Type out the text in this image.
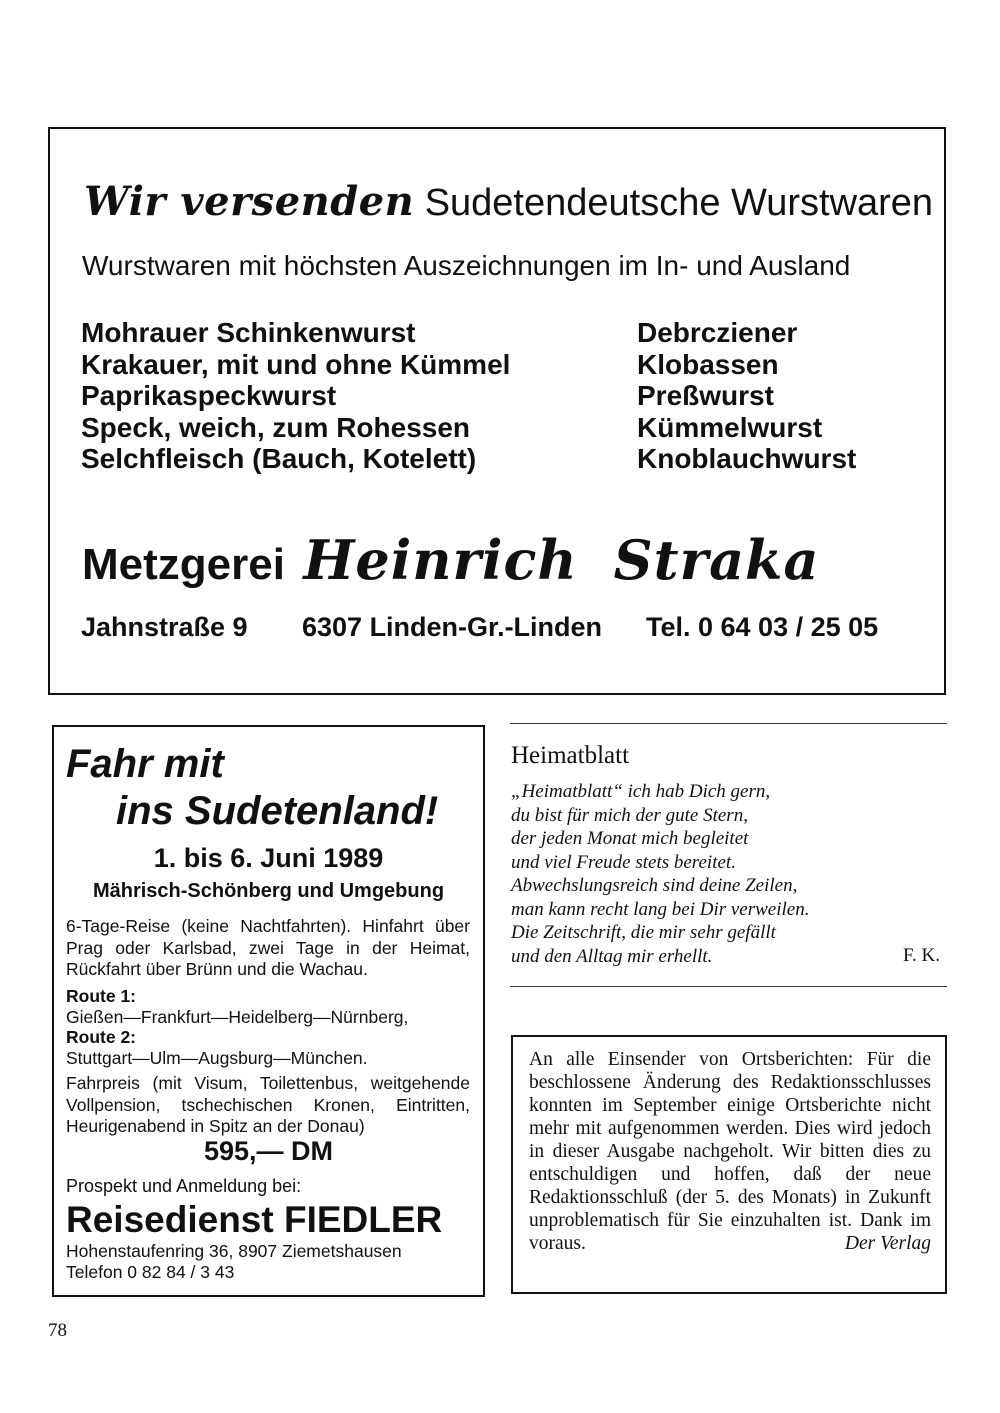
Wir versenden Sudetendeutsche Wurstwaren
Wurstwaren mit höchsten Auszeichnungen im In- und Ausland
Mohrauer Schinkenwurst
Krakauer, mit und ohne Kümmel
Paprikaspeckwurst
Speck, weich, zum Rohessen
Selchfleisch (Bauch, Kotelett)
Debrcziener
Klobassen
Preßwurst
Kümmelwurst
Knoblauchwurst
Metzgerei Heinrich Straka
Jahnstraße 9 6307 Linden-Gr.-Linden Tel. 0 64 03 / 25 05
Fahr mit
ins Sudetenland!
1. bis 6. Juni 1989
Mährisch-Schönberg und Umgebung
6-Tage-Reise (keine Nachtfahrten). Hinfahrt über Prag oder Karlsbad, zwei Tage in der Heimat, Rückfahrt über Brünn und die Wachau.
Route 1:
Gießen—Frankfurt—Heidelberg—Nürnberg,
Route 2:
Stuttgart—Ulm—Augsburg—München.
Fahrpreis (mit Visum, Toilettenbus, weitgehende Vollpension, tschechischen Kronen, Eintritten, Heurigenabend in Spitz an der Donau)
595,— DM
Prospekt und Anmeldung bei:
Reisedienst FIEDLER
Hohenstaufenring 36, 8907 Ziemetshausen
Telefon 0 82 84 / 3 43
Heimatblatt
„Heimatblatt“ ich hab Dich gern,
du bist für mich der gute Stern,
der jeden Monat mich begleitet
und viel Freude stets bereitet.
Abwechslungsreich sind deine Zeilen,
man kann recht lang bei Dir verweilen.
Die Zeitschrift, die mir sehr gefällt
und den Alltag mir erhellt.	F. K.
An alle Einsender von Ortsberichten: Für die beschlossene Änderung des Redaktionsschlusses konnten im September einige Ortsberichte nicht mehr mit aufgenommen werden. Dies wird jedoch in dieser Ausgabe nachgeholt. Wir bitten dies zu entschuldigen und hoffen, daß der neue Redaktionsschluß (der 5. des Monats) in Zukunft unproblematisch für Sie einzuhalten ist. Dank im voraus.	Der Verlag
78
